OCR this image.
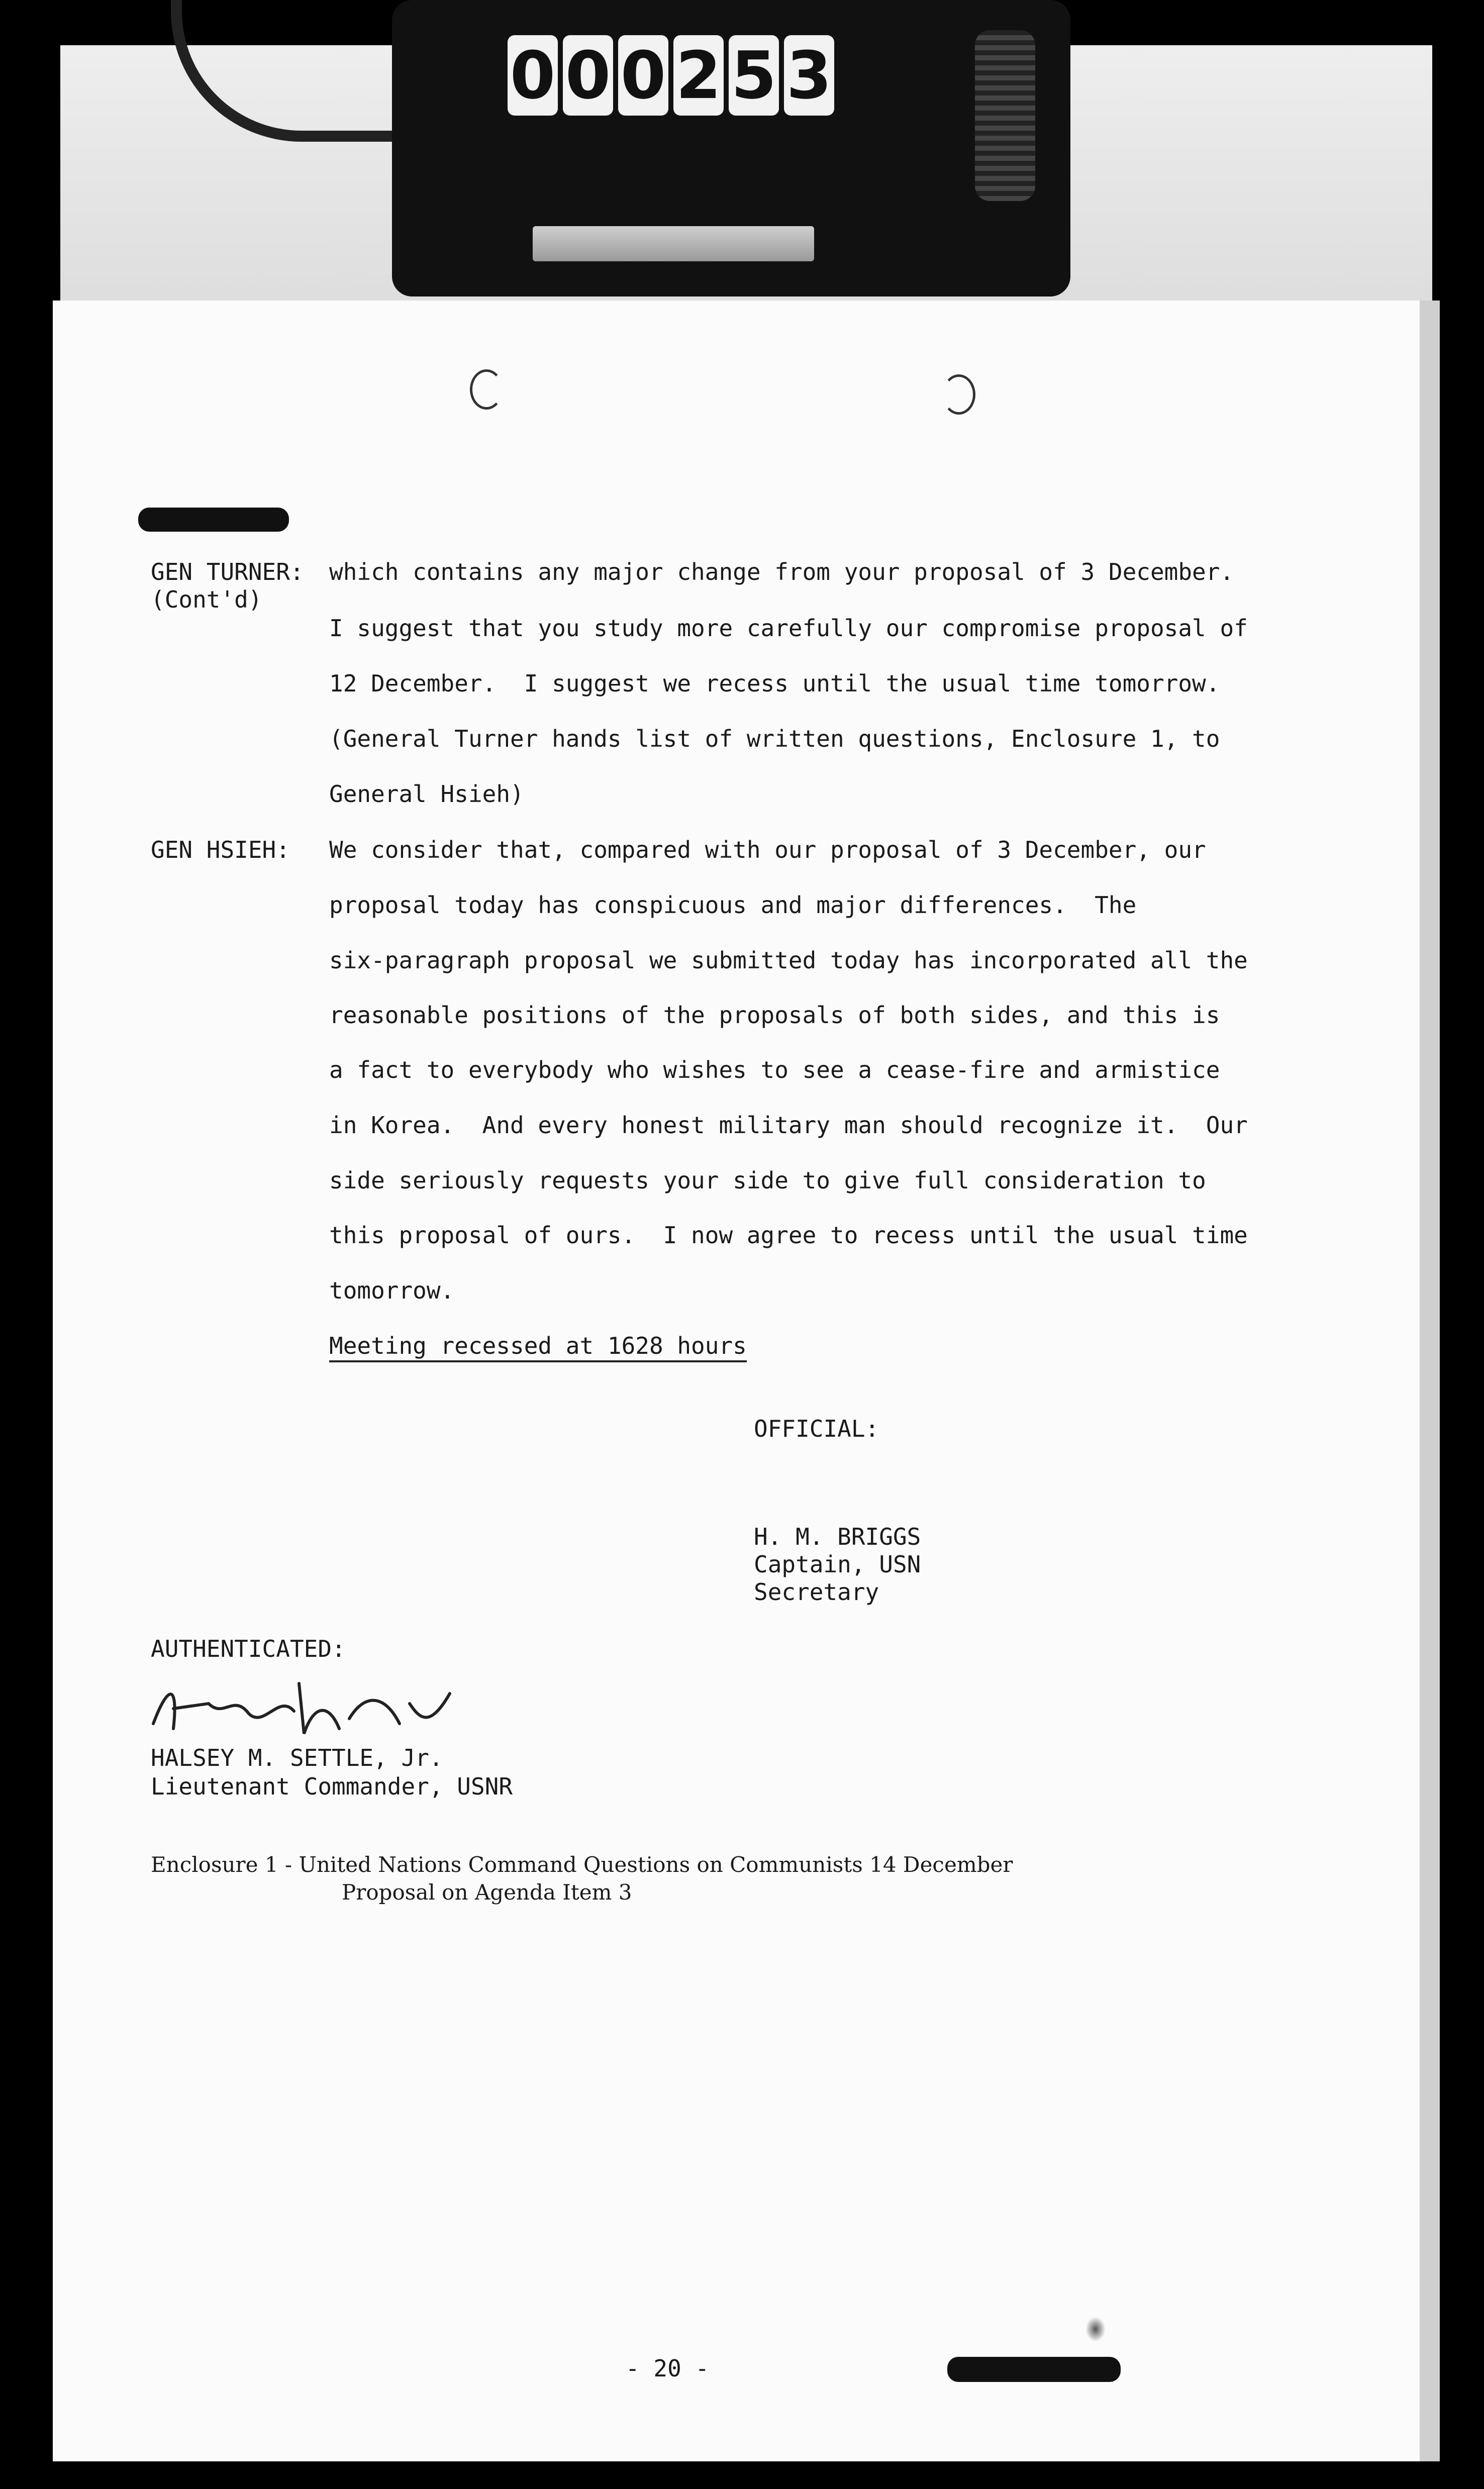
0 0 0 2 5 3
GEN TURNER:
(Cont'd)
which contains any major change from your proposal of 3 December.
I suggest that you study more carefully our compromise proposal of
12 December.  I suggest we recess until the usual time tomorrow.
(General Turner hands list of written questions, Enclosure 1, to
General Hsieh)
GEN HSIEH: We consider that, compared with our proposal of 3 December, our
proposal today has conspicuous and major differences.  The
six-paragraph proposal we submitted today has incorporated all the
reasonable positions of the proposals of both sides, and this is
a fact to everybody who wishes to see a cease-fire and armistice
in Korea.  And every honest military man should recognize it.  Our
side seriously requests your side to give full consideration to
this proposal of ours.  I now agree to recess until the usual time
tomorrow.
Meeting recessed at 1628 hours
OFFICIAL:
H. M. BRIGGS
Captain, USN
Secretary
AUTHENTICATED:
HALSEY M. SETTLE, Jr.
Lieutenant Commander, USNR
Enclosure 1 - United Nations Command Questions on Communists 14 December
Proposal on Agenda Item 3
- 20 -
